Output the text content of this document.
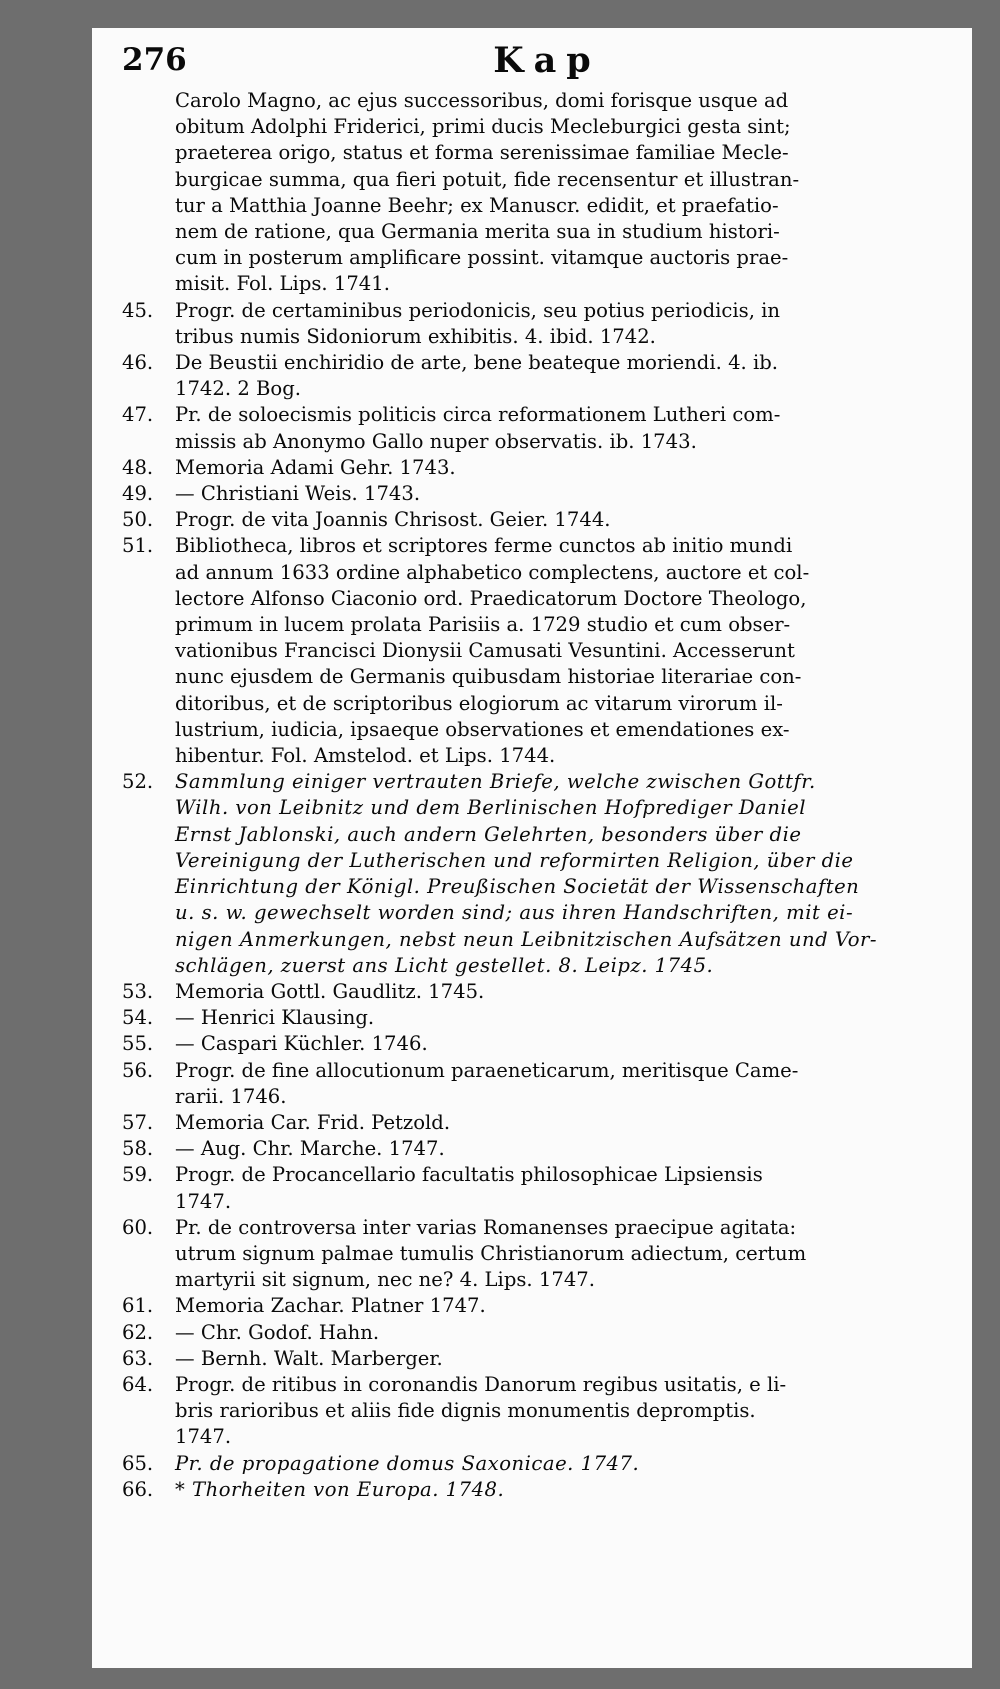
276	Kap
Carolo Magno, ac ejus successoribus, domi forisque usque ad
obitum Adolphi Friderici, primi ducis Mecleburgici gesta sint;
praeterea origo, status et forma serenissimae familiae Mecle-
burgicae summa, qua fieri potuit, fide recensentur et illustran-
tur a Matthia Joanne Beehr; ex Manuscr. edidit, et praefatio-
nem de ratione, qua Germania merita sua in studium histori-
cum in posterum amplificare possint. vitamque auctoris prae-
misit. Fol. Lips. 1741.
45.	Progr. de certaminibus periodonicis, seu potius periodicis, in
tribus numis Sidoniorum exhibitis. 4. ibid. 1742.
46.	De Beustii enchiridio de arte, bene beateque moriendi. 4. ib.
1742. 2 Bog.
47.	Pr. de soloecismis politicis circa reformationem Lutheri com-
missis ab Anonymo Gallo nuper observatis. ib. 1743.
48.	Memoria Adami Gehr. 1743.
49.	— Christiani Weis. 1743.
50.	Progr. de vita Joannis Chrisost. Geier. 1744.
51.	Bibliotheca, libros et scriptores ferme cunctos ab initio mundi
ad annum 1633 ordine alphabetico complectens, auctore et col-
lectore Alfonso Ciaconio ord. Praedicatorum Doctore Theologo,
primum in lucem prolata Parisiis a. 1729 studio et cum obser-
vationibus Francisci Dionysii Camusati Vesuntini. Accesserunt
nunc ejusdem de Germanis quibusdam historiae literariae con-
ditoribus, et de scriptoribus elogiorum ac vitarum virorum il-
lustrium, iudicia, ipsaeque observationes et emendationes ex-
hibentur. Fol. Amstelod. et Lips. 1744.
52.	Sammlung einiger vertrauten Briefe, welche zwischen Gottfr.
Wilh. von Leibnitz und dem Berlinischen Hofprediger Daniel
Ernst Jablonski, auch andern Gelehrten, besonders über die
Vereinigung der Lutherischen und reformirten Religion, über die
Einrichtung der Königl. Preußischen Societät der Wissenschaften
u. s. w. gewechselt worden sind; aus ihren Handschriften, mit ei-
nigen Anmerkungen, nebst neun Leibnitzischen Aufsätzen und Vor-
schlägen, zuerst ans Licht gestellet. 8. Leipz. 1745.
53.	Memoria Gottl. Gaudlitz. 1745.
54.	— Henrici Klausing.
55.	— Caspari Küchler. 1746.
56.	Progr. de fine allocutionum paraeneticarum, meritisque Came-
rarii. 1746.
57.	Memoria Car. Frid. Petzold.
58.	— Aug. Chr. Marche. 1747.
59.	Progr. de Procancellario facultatis philosophicae Lipsiensis
1747.
60.	Pr. de controversa inter varias Romanenses praecipue agitata:
utrum signum palmae tumulis Christianorum adiectum, certum
martyrii sit signum, nec ne? 4. Lips. 1747.
61.	Memoria Zachar. Platner 1747.
62.	— Chr. Godof. Hahn.
63.	— Bernh. Walt. Marberger.
64.	Progr. de ritibus in coronandis Danorum regibus usitatis, e li-
bris rarioribus et aliis fide dignis monumentis depromptis.
1747.
65.	Pr. de propagatione domus Saxonicae. 1747.
66.	* Thorheiten von Europa. 1748.
